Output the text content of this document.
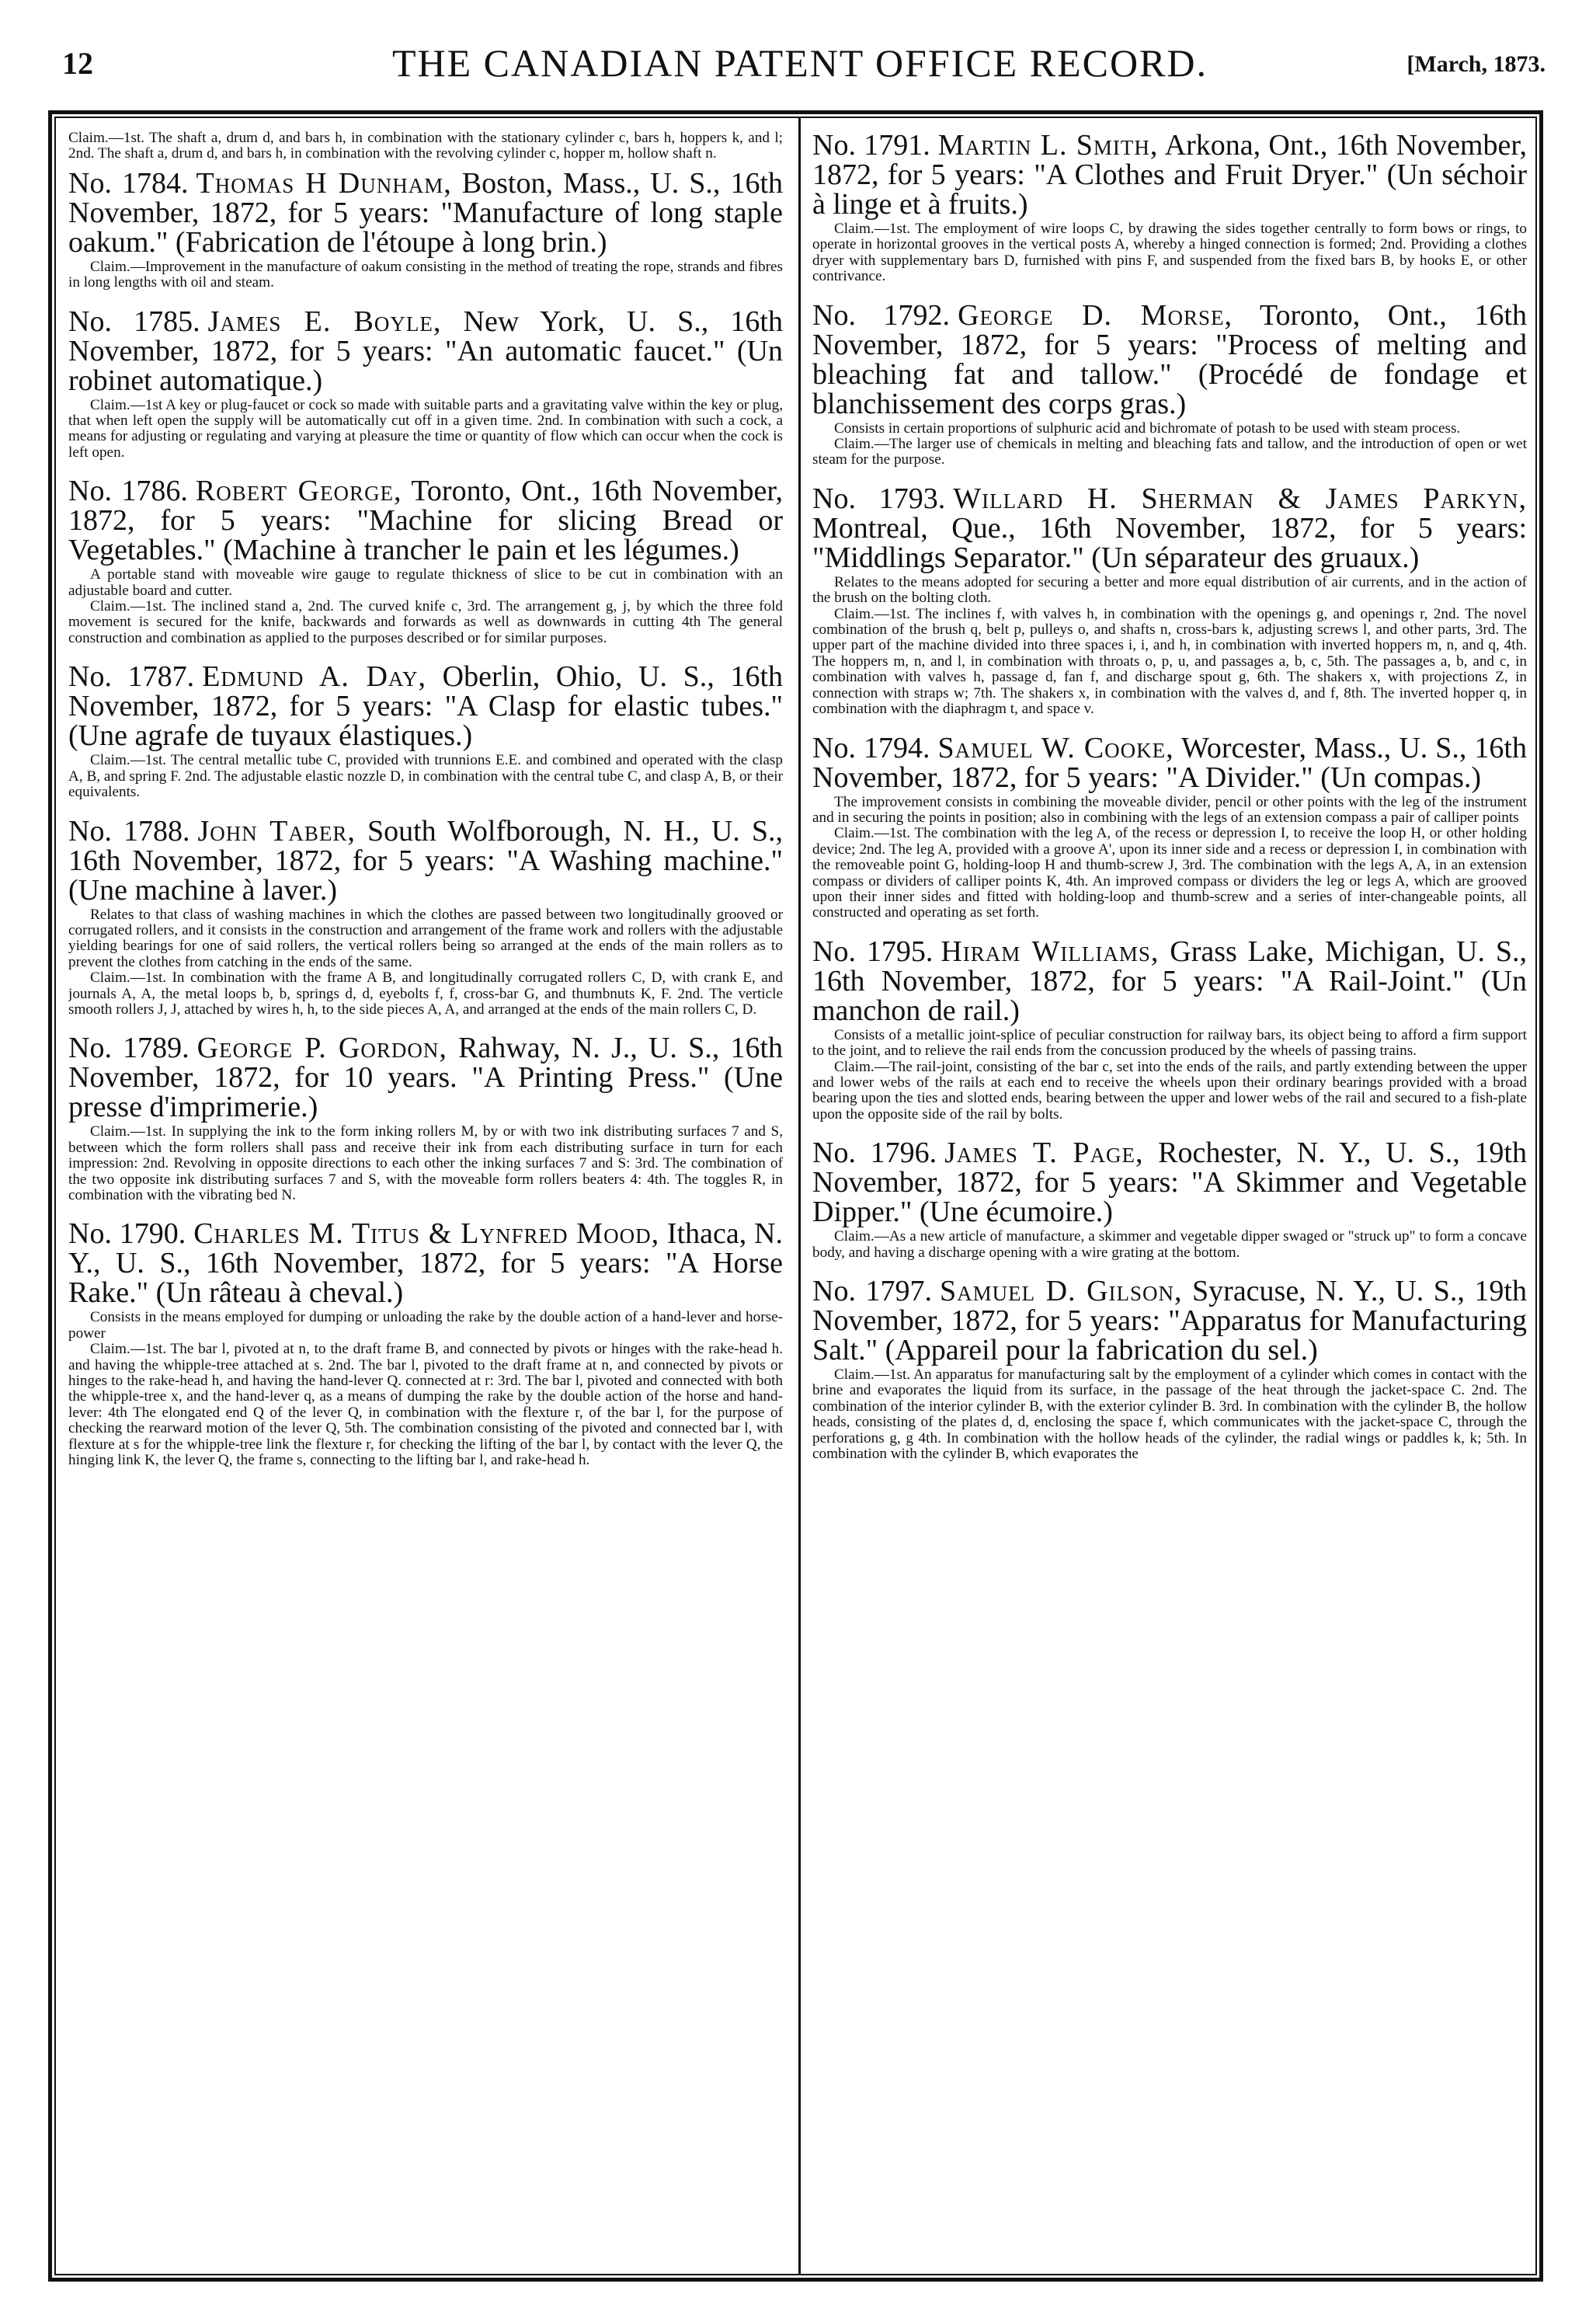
12	THE CANADIAN PATENT OFFICE RECORD.	[March, 1873.

Claim.—1st. The shaft a, drum d, and bars h, in combination with the stationary cylinder c, bars h, hoppers k, and l; 2nd. The shaft a, drum d, and bars h, in combination with the revolving cylinder c, hopper m, hollow shaft n.

No. 1784. Thomas H Dunham, Boston, Mass., U. S., 16th November, 1872, for 5 years: "Manufacture of long staple oakum." (Fabrication de l'étoupe à long brin.)

Claim.—Improvement in the manufacture of oakum consisting in the method of treating the rope, strands and fibres in long lengths with oil and steam.

No. 1785. James E. Boyle, New York, U. S., 16th November, 1872, for 5 years: "An automatic faucet." (Un robinet automatique.)

Claim.—1st A key or plug-faucet or cock so made with suitable parts and a gravitating valve within the key or plug, that when left open the supply will be automatically cut off in a given time. 2nd. In combination with such a cock, a means for adjusting or regulating and varying at pleasure the time or quantity of flow which can occur when the cock is left open.

No. 1786. Robert George, Toronto, Ont., 16th November, 1872, for 5 years: "Machine for slicing Bread or Vegetables." (Machine à trancher le pain et les légumes.)

A portable stand with moveable wire gauge to regulate thickness of slice to be cut in combination with an adjustable board and cutter.

Claim.—1st. The inclined stand a, 2nd. The curved knife c, 3rd. The arrangement g, j, by which the three fold movement is secured for the knife, backwards and forwards as well as downwards in cutting 4th The general construction and combination as applied to the purposes described or for similar purposes.

No. 1787. Edmund A. Day, Oberlin, Ohio, U. S., 16th November, 1872, for 5 years: "A Clasp for elastic tubes." (Une agrafe de tuyaux élastiques.)

Claim.—1st. The central metallic tube C, provided with trunnions E.E. and combined and operated with the clasp A, B, and spring F. 2nd. The adjustable elastic nozzle D, in combination with the central tube C, and clasp A, B, or their equivalents.

No. 1788. John Taber, South Wolfborough, N. H., U. S., 16th November, 1872, for 5 years: "A Washing machine." (Une machine à laver.)

Relates to that class of washing machines in which the clothes are passed between two longitudinally grooved or corrugated rollers, and it consists in the construction and arrangement of the frame work and rollers with the adjustable yielding bearings for one of said rollers, the vertical rollers being so arranged at the ends of the main rollers as to prevent the clothes from catching in the ends of the same.

Claim.—1st. In combination with the frame A B, and longitudinally corrugated rollers C, D, with crank E, and journals A, A, the metal loops b, b, springs d, d, eyebolts f, f, cross-bar G, and thumbnuts K, F. 2nd. The verticle smooth rollers J, J, attached by wires h, h, to the side pieces A, A, and arranged at the ends of the main rollers C, D.

No. 1789. George P. Gordon, Rahway, N. J., U. S., 16th November, 1872, for 10 years. "A Printing Press." (Une presse d'imprimerie.)

Claim.—1st. In supplying the ink to the form inking rollers M, by or with two ink distributing surfaces 7 and S, between which the form rollers shall pass and receive their ink from each distributing surface in turn for each impression: 2nd. Revolving in opposite directions to each other the inking surfaces 7 and S: 3rd. The combination of the two opposite ink distributing surfaces 7 and S, with the moveable form rollers beaters 4: 4th. The toggles R, in combination with the vibrating bed N.

No. 1790. Charles M. Titus & Lynfred Mood, Ithaca, N. Y., U. S., 16th November, 1872, for 5 years: "A Horse Rake." (Un râteau à cheval.)

Consists in the means employed for dumping or unloading the rake by the double action of a hand-lever and horse-power

Claim.—1st. The bar l, pivoted at n, to the draft frame B, and connected by pivots or hinges with the rake-head h. and having the whipple-tree attached at s. 2nd. The bar l, pivoted to the draft frame at n, and connected by pivots or hinges to the rake-head h, and having the hand-lever Q. connected at r: 3rd. The bar l, pivoted and connected with both the whipple-tree x, and the hand-lever q, as a means of dumping the rake by the double action of the horse and hand-lever: 4th The elongated end Q of the lever Q, in combination with the flexture r, of the bar l, for the purpose of checking the rearward motion of the lever Q, 5th. The combination consisting of the pivoted and connected bar l, with flexture at s for the whipple-tree link the flexture r, for checking the lifting of the bar l, by contact with the lever Q, the hinging link K, the lever Q, the frame s, connecting to the lifting bar l, and rake-head h.

No. 1791. Martin L. Smith, Arkona, Ont., 16th November, 1872, for 5 years: "A Clothes and Fruit Dryer." (Un séchoir à linge et à fruits.)

Claim.—1st. The employment of wire loops C, by drawing the sides together centrally to form bows or rings, to operate in horizontal grooves in the vertical posts A, whereby a hinged connection is formed; 2nd. Providing a clothes dryer with supplementary bars D, furnished with pins F, and suspended from the fixed bars B, by hooks E, or other contrivance.

No. 1792. George D. Morse, Toronto, Ont., 16th November, 1872, for 5 years: "Process of melting and bleaching fat and tallow." (Procédé de fondage et blanchissement des corps gras.)

Consists in certain proportions of sulphuric acid and bichromate of potash to be used with steam process.

Claim.—The larger use of chemicals in melting and bleaching fats and tallow, and the introduction of open or wet steam for the purpose.

No. 1793. Willard H. Sherman & James Parkyn, Montreal, Que., 16th November, 1872, for 5 years: "Middlings Separator." (Un séparateur des gruaux.)

Relates to the means adopted for securing a better and more equal distribution of air currents, and in the action of the brush on the bolting cloth.

Claim.—1st. The inclines f, with valves h, in combination with the openings g, and openings r, 2nd. The novel combination of the brush q, belt p, pulleys o, and shafts n, cross-bars k, adjusting screws l, and other parts, 3rd. The upper part of the machine divided into three spaces i, i, and h, in combination with inverted hoppers m, n, and q, 4th. The hoppers m, n, and l, in combination with throats o, p, u, and passages a, b, c, 5th. The passages a, b, and c, in combination with valves h, passage d, fan f, and discharge spout g, 6th. The shakers x, with projections Z, in connection with straps w; 7th. The shakers x, in combination with the valves d, and f, 8th. The inverted hopper q, in combination with the diaphragm t, and space v.

No. 1794. Samuel W. Cooke, Worcester, Mass., U. S., 16th November, 1872, for 5 years: "A Divider." (Un compas.)

The improvement consists in combining the moveable divider, pencil or other points with the leg of the instrument and in securing the points in position; also in combining with the legs of an extension compass a pair of calliper points

Claim.—1st. The combination with the leg A, of the recess or depression I, to receive the loop H, or other holding device; 2nd. The leg A, provided with a groove A', upon its inner side and a recess or depression I, in combination with the removeable point G, holding-loop H and thumb-screw J, 3rd. The combination with the legs A, A, in an extension compass or dividers of calliper points K, 4th. An improved compass or dividers the leg or legs A, which are grooved upon their inner sides and fitted with holding-loop and thumb-screw and a series of inter-changeable points, all constructed and operating as set forth.

No. 1795. Hiram Williams, Grass Lake, Michigan, U. S., 16th November, 1872, for 5 years: "A Rail-Joint." (Un manchon de rail.)

Consists of a metallic joint-splice of peculiar construction for railway bars, its object being to afford a firm support to the joint, and to relieve the rail ends from the concussion produced by the wheels of passing trains.

Claim.—The rail-joint, consisting of the bar c, set into the ends of the rails, and partly extending between the upper and lower webs of the rails at each end to receive the wheels upon their ordinary bearings provided with a broad bearing upon the ties and slotted ends, bearing between the upper and lower webs of the rail and secured to a fish-plate upon the opposite side of the rail by bolts.

No. 1796. James T. Page, Rochester, N. Y., U. S., 19th November, 1872, for 5 years: "A Skimmer and Vegetable Dipper." (Une écumoire.)

Claim.—As a new article of manufacture, a skimmer and vegetable dipper swaged or "struck up" to form a concave body, and having a discharge opening with a wire grating at the bottom.

No. 1797. Samuel D. Gilson, Syracuse, N. Y., U. S., 19th November, 1872, for 5 years: "Apparatus for Manufacturing Salt." (Appareil pour la fabrication du sel.)

Claim.—1st. An apparatus for manufacturing salt by the employment of a cylinder which comes in contact with the brine and evaporates the liquid from its surface, in the passage of the heat through the jacket-space C. 2nd. The combination of the interior cylinder B, with the exterior cylinder B. 3rd. In combination with the cylinder B, the hollow heads, consisting of the plates d, d, enclosing the space f, which communicates with the jacket-space C, through the perforations g, g 4th. In combination with the hollow heads of the cylinder, the radial wings or paddles k, k; 5th. In combination with the cylinder B, which evaporates the
